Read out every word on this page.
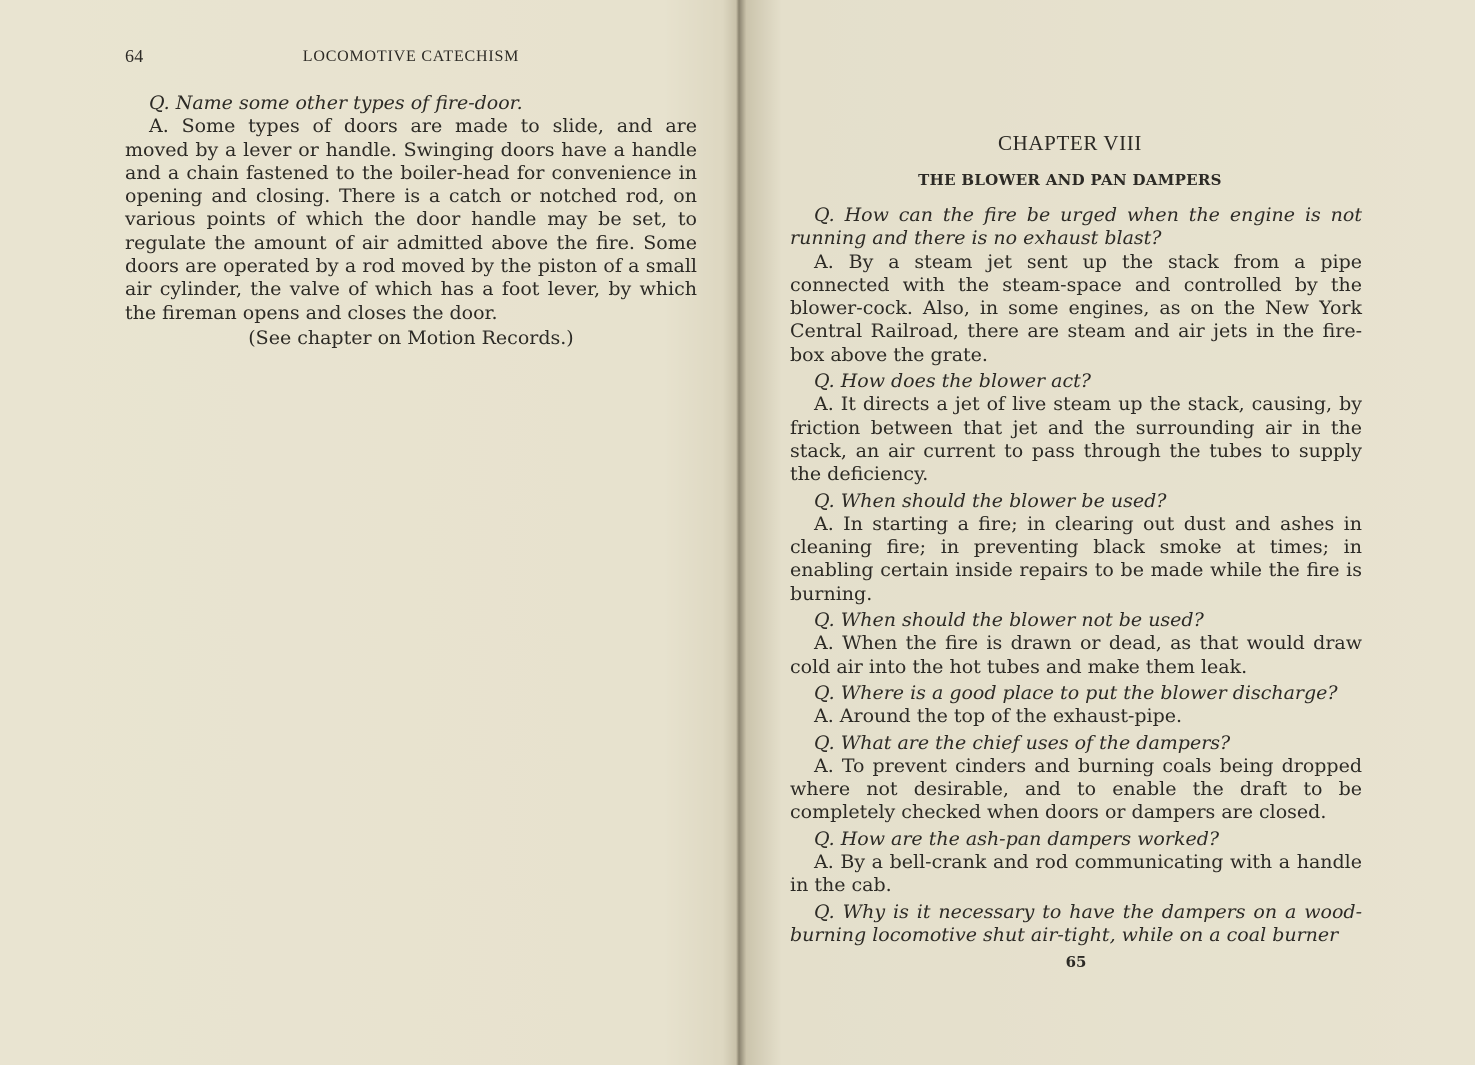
64	LOCOMOTIVE CATECHISM

Q. Name some other types of fire-door.

A. Some types of doors are made to slide, and are moved by a lever or handle. Swinging doors have a handle and a chain fastened to the boiler-head for convenience in opening and closing. There is a catch or notched rod, on various points of which the door handle may be set, to regulate the amount of air admitted above the fire. Some doors are operated by a rod moved by the piston of a small air cylinder, the valve of which has a foot lever, by which the fireman opens and closes the door.

(See chapter on Motion Records.)

CHAPTER VIII
THE BLOWER AND PAN DAMPERS

Q. How can the fire be urged when the engine is not running and there is no exhaust blast?

A. By a steam jet sent up the stack from a pipe connected with the steam-space and controlled by the blower-cock. Also, in some engines, as on the New York Central Railroad, there are steam and air jets in the fire-box above the grate.

Q. How does the blower act?

A. It directs a jet of live steam up the stack, causing, by friction between that jet and the surrounding air in the stack, an air current to pass through the tubes to supply the deficiency.

Q. When should the blower be used?

A. In starting a fire; in clearing out dust and ashes in cleaning fire; in preventing black smoke at times; in enabling certain inside repairs to be made while the fire is burning.

Q. When should the blower not be used?

A. When the fire is drawn or dead, as that would draw cold air into the hot tubes and make them leak.

Q. Where is a good place to put the blower discharge?

A. Around the top of the exhaust-pipe.

Q. What are the chief uses of the dampers?

A. To prevent cinders and burning coals being dropped where not desirable, and to enable the draft to be completely checked when doors or dampers are closed.

Q. How are the ash-pan dampers worked?

A. By a bell-crank and rod communicating with a handle in the cab.

Q. Why is it necessary to have the dampers on a wood-burning locomotive shut air-tight, while on a coal burner

65
